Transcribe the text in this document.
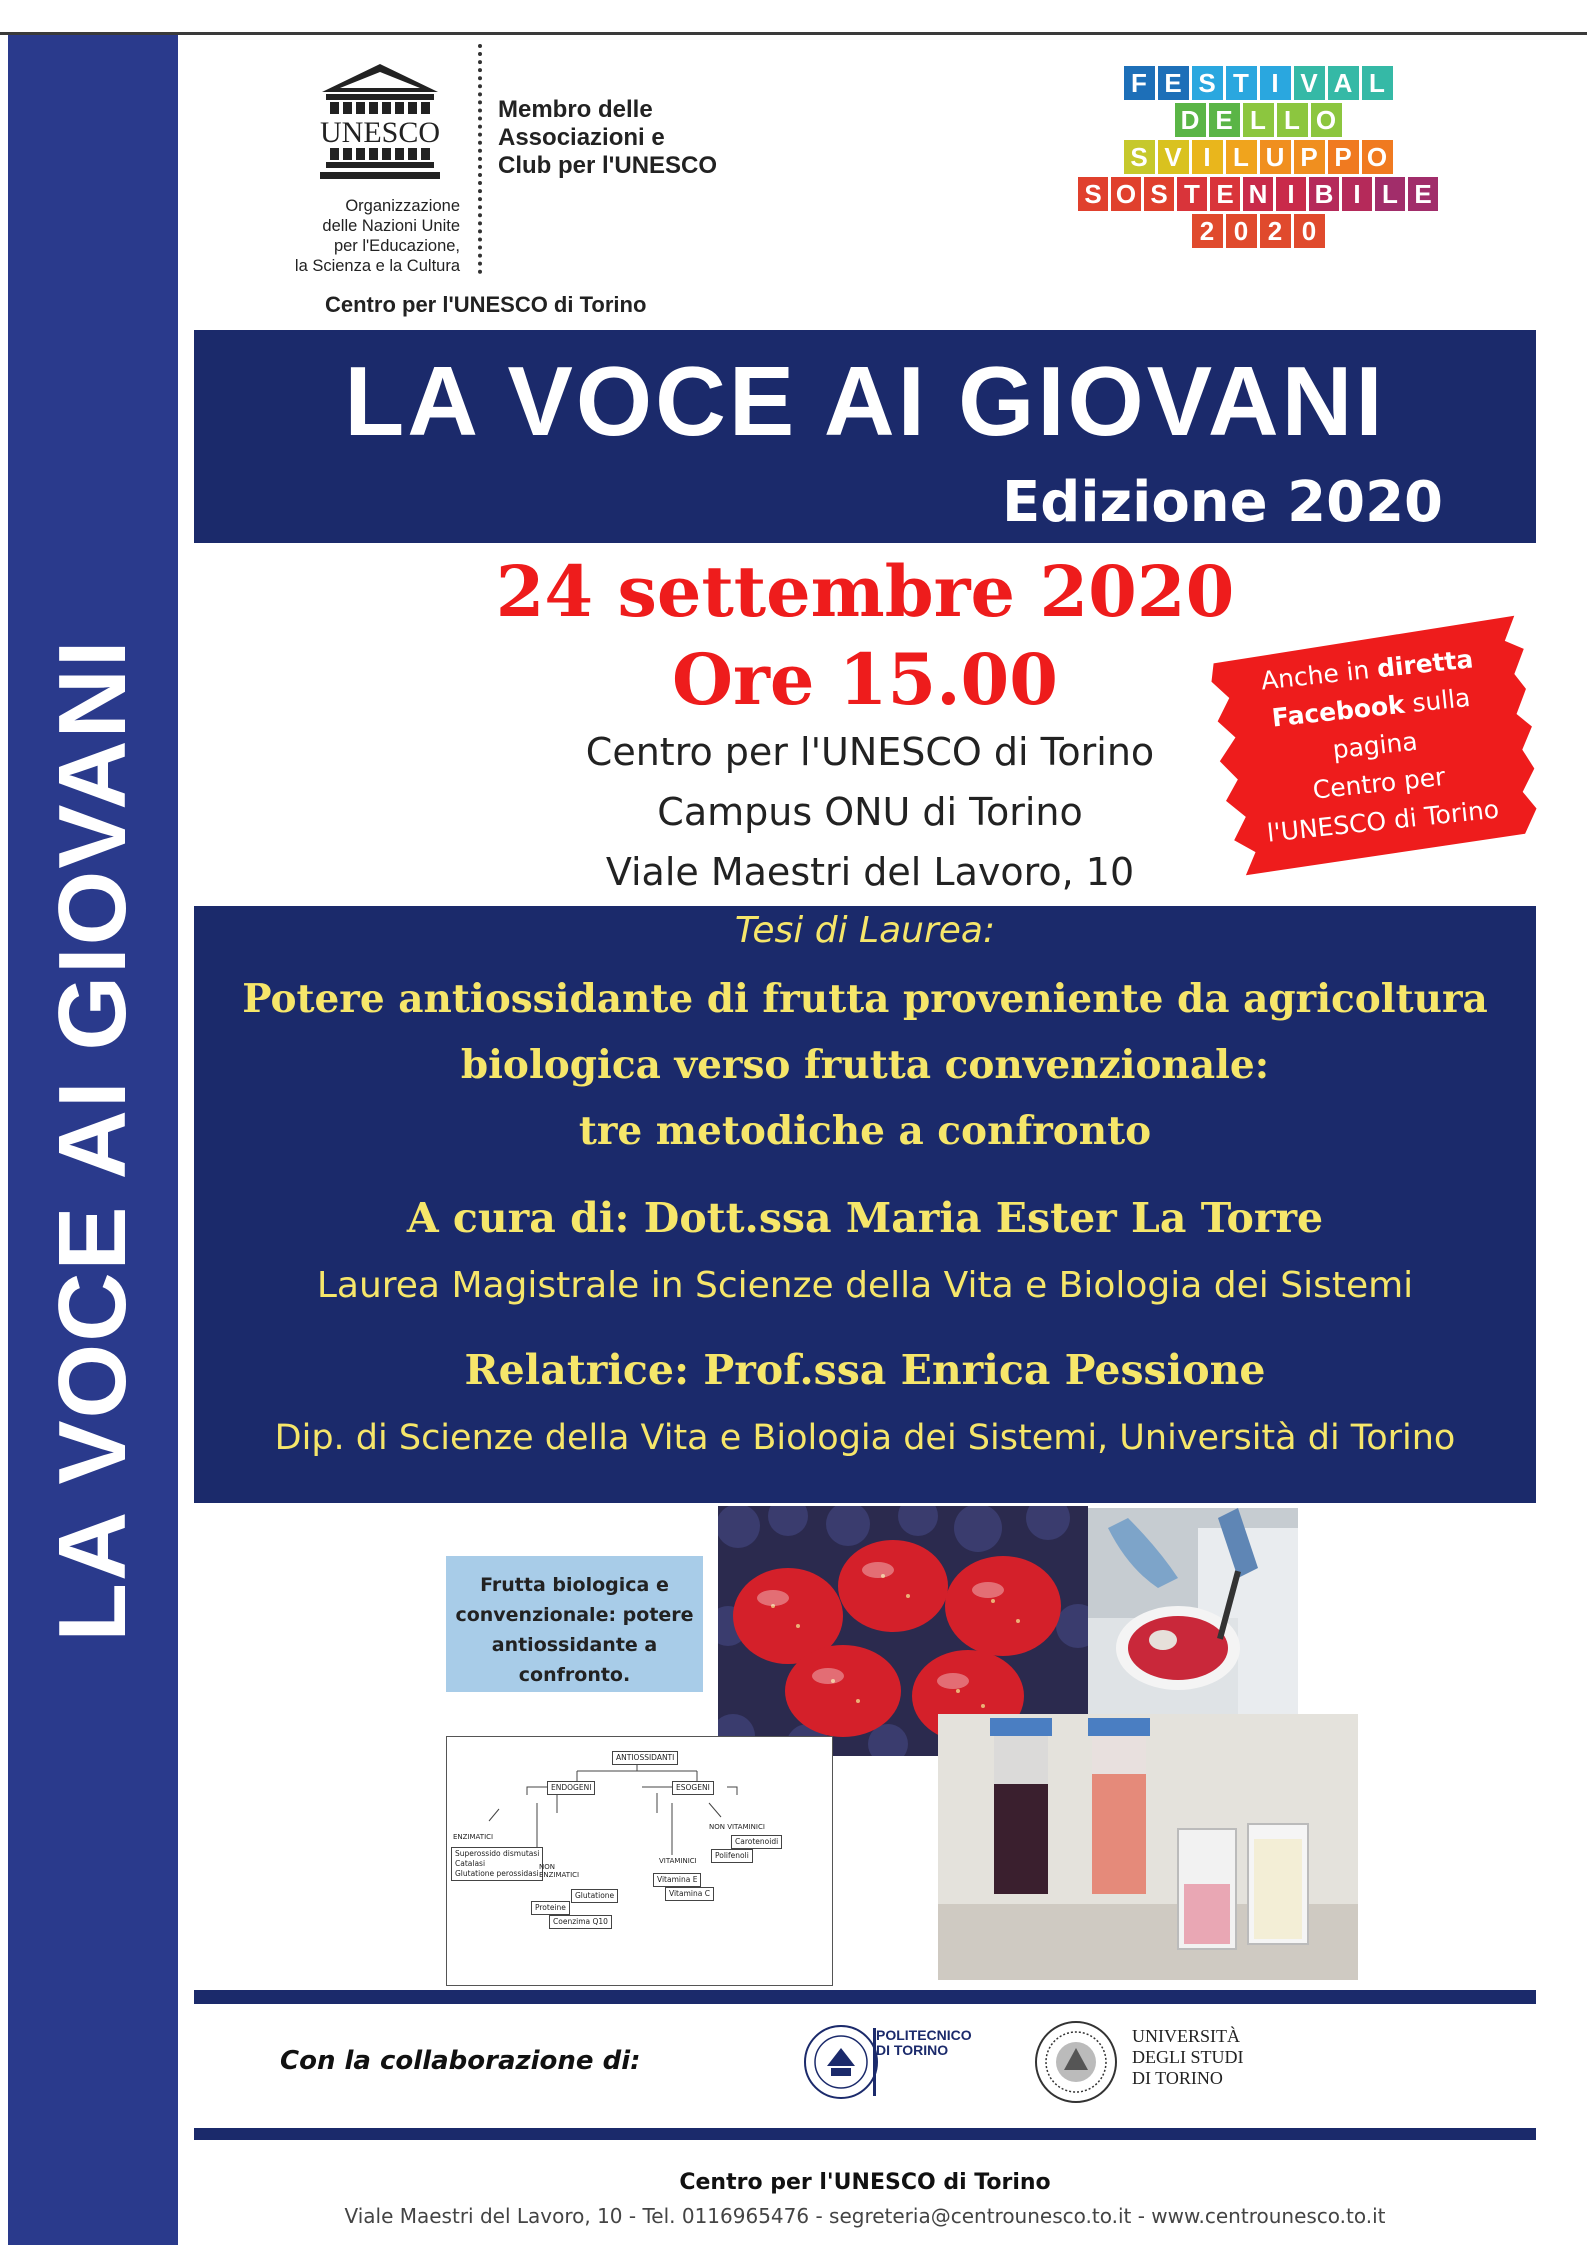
LA VOCE AI GIOVANI
UNESCO
Membro delle
Associazioni e
Club per l'UNESCO
Organizzazione
delle Nazioni Unite
per l'Educazione,
la Scienza e la Cultura
Centro per l'UNESCO di Torino
F E S T I V A L
D E L L O
S V I L U P P O
S O S T E N I B I L E
2 0 2 0
LA VOCE AI GIOVANI
Edizione 2020
24 settembre 2020
Ore 15.00
Centro per l'UNESCO di Torino
Campus ONU di Torino
Viale Maestri del Lavoro, 10
Anche in diretta
Facebook sulla
pagina
Centro per
l'UNESCO di Torino
Tesi di Laurea:
Potere antiossidante di frutta proveniente da agricoltura
biologica verso frutta convenzionale:
tre metodiche a confronto
A cura di: Dott.ssa Maria Ester La Torre
Laurea Magistrale in Scienze della Vita e Biologia dei Sistemi
Relatrice: Prof.ssa Enrica Pessione
Dip. di Scienze della Vita e Biologia dei Sistemi, Università di Torino
Frutta biologica e
convenzionale: potere
antiossidante a
confronto.
ANTIOSSIDANTI
ENDOGENI	ESOGENI
ENZIMATICI
Superossido dismutasi
Catalasi
Glutatione perossidasi
NON
ENZIMATICI
Glutatione
Proteine
Coenzima Q10
VITAMINICI
Vitamina E
Vitamina C
NON VITAMINICI
Carotenoidi
Polifenoli
Con la collaborazione di:
POLITECNICO
DI TORINO
UNIVERSITÀ
DEGLI STUDI
DI TORINO
Centro per l'UNESCO di Torino
Viale Maestri del Lavoro, 10 - Tel. 0116965476 - segreteria@centrounesco.to.it - www.centrounesco.to.it
